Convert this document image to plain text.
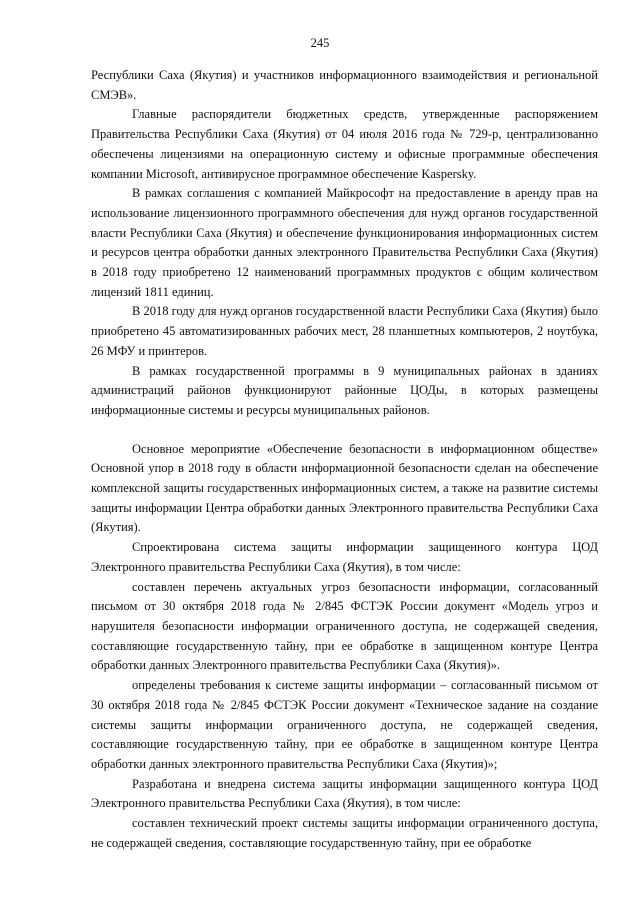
245

Республики Саха (Якутия) и участников информационного взаимодействия и региональной СМЭВ».

Главные распорядители бюджетных средств, утвержденные распоряжением Правительства Республики Саха (Якутия) от 04 июля 2016 года № 729-р, централизованно обеспечены лицензиями на операционную систему и офисные программные обеспечения компании Microsoft, антивирусное программное обеспечение Kaspersky.

В рамках соглашения с компанией Майкрософт на предоставление в аренду прав на использование лицензионного программного обеспечения для нужд органов государственной власти Республики Саха (Якутия) и обеспечение функционирования информационных систем и ресурсов центра обработки данных электронного Правительства Республики Саха (Якутия) в 2018 году приобретено 12 наименований программных продуктов с общим количеством лицензий 1811 единиц.

В 2018 году для нужд органов государственной власти Республики Саха (Якутия) было приобретено 45 автоматизированных рабочих мест, 28 планшетных компьютеров, 2 ноутбука, 26 МФУ и принтеров.

В рамках государственной программы в 9 муниципальных районах в зданиях администраций районов функционируют районные ЦОДы, в которых размещены информационные системы и ресурсы муниципальных районов.

Основное мероприятие «Обеспечение безопасности в информационном обществе» Основной упор в 2018 году в области информационной безопасности сделан на обеспечение комплексной защиты государственных информационных систем, а также на развитие системы защиты информации Центра обработки данных Электронного правительства Республики Саха (Якутия).

Спроектирована система защиты информации защищенного контура ЦОД Электронного правительства Республики Саха (Якутия), в том числе:

составлен перечень актуальных угроз безопасности информации, согласованный письмом от 30 октября 2018 года № 2/845 ФСТЭК России документ «Модель угроз и нарушителя безопасности информации ограниченного доступа, не содержащей сведения, составляющие государственную тайну, при ее обработке в защищенном контуре Центра обработки данных Электронного правительства Республики Саха (Якутия)».

определены требования к системе защиты информации – согласованный письмом от 30 октября 2018 года № 2/845 ФСТЭК России документ «Техническое задание на создание системы защиты информации ограниченного доступа, не содержащей сведения, составляющие государственную тайну, при ее обработке в защищенном контуре Центра обработки данных электронного правительства Республики Саха (Якутия)»;

Разработана и внедрена система защиты информации защищенного контура ЦОД Электронного правительства Республики Саха (Якутия), в том числе:

составлен технический проект системы защиты информации ограниченного доступа, не содержащей сведения, составляющие государственную тайну, при ее обработке
